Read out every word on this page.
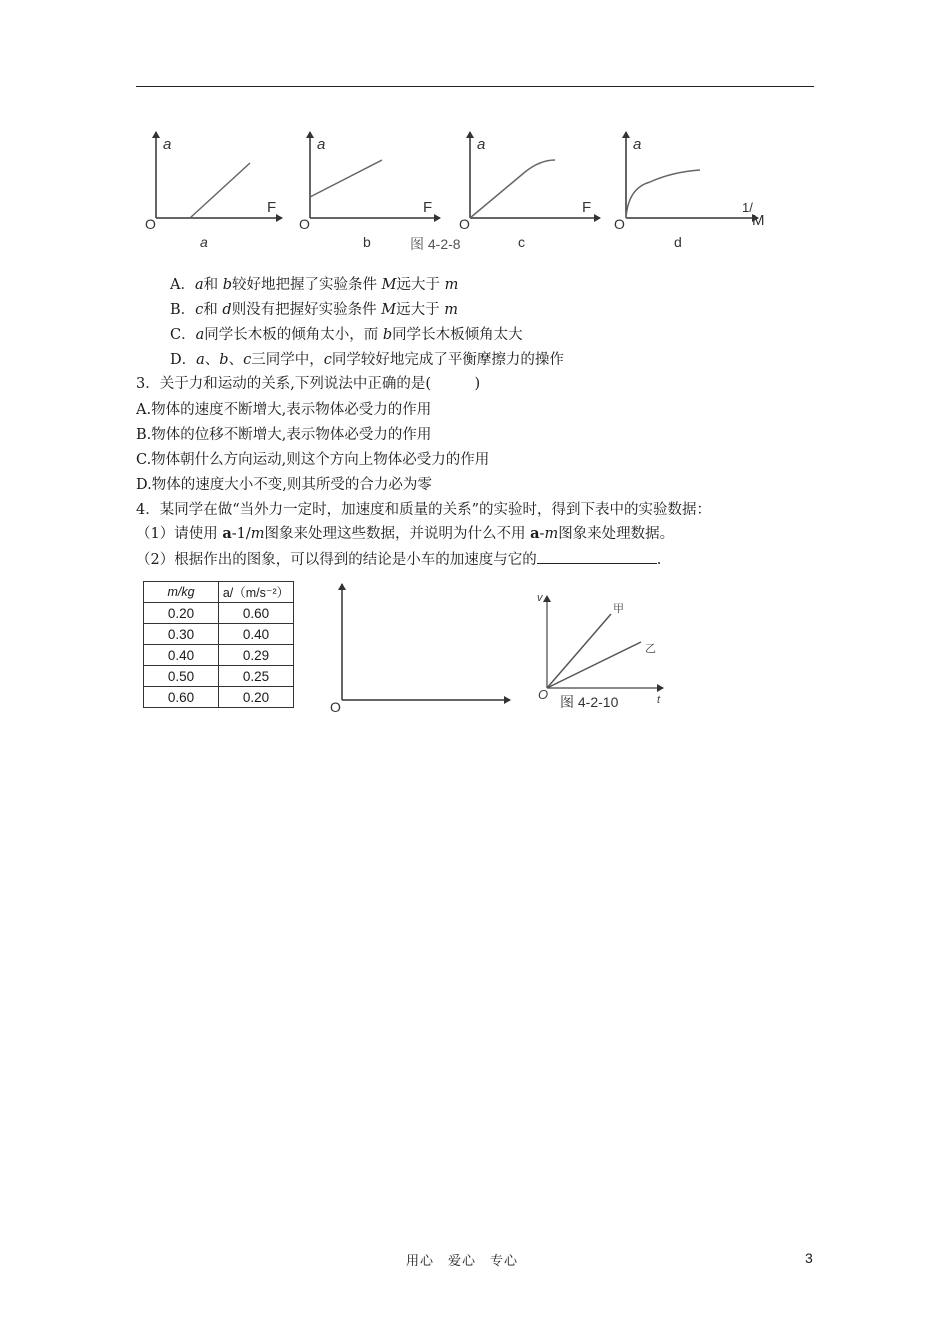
a
F
O
a
a
F
O
b
a
F
O
c
a
1/
M
O
d
图 4-2-8
A．a和 b较好地把握了实验条件 M远大于 m
B．c和 d则没有把握好实验条件 M远大于 m
C．a同学长木板的倾角太小，而 b同学长木板倾角太大
D．a、b、c三同学中，c同学较好地完成了平衡摩擦力的操作
3．关于力和运动的关系,下列说法中正确的是(　　　)
A.物体的速度不断增大,表示物体必受力的作用
B.物体的位移不断增大,表示物体必受力的作用
C.物体朝什么方向运动,则这个方向上物体必受力的作用
D.物体的速度大小不变,则其所受的合力必为零
4．某同学在做“当外力一定时，加速度和质量的关系”的实验时，得到下表中的实验数据：
（1）请使用 a-1/m图象来处理这些数据，并说明为什么不用 a-m图象来处理数据。
（2）根据作出的图象，可以得到的结论是小车的加速度与它的	.
m/kg	a/（m/s⁻²）
0.20	0.60
0.30	0.40
0.40	0.29
0.50	0.25
0.60	0.20
O
v
t
O
甲
乙
图 4-2-10
用心　爱心　专心	3
